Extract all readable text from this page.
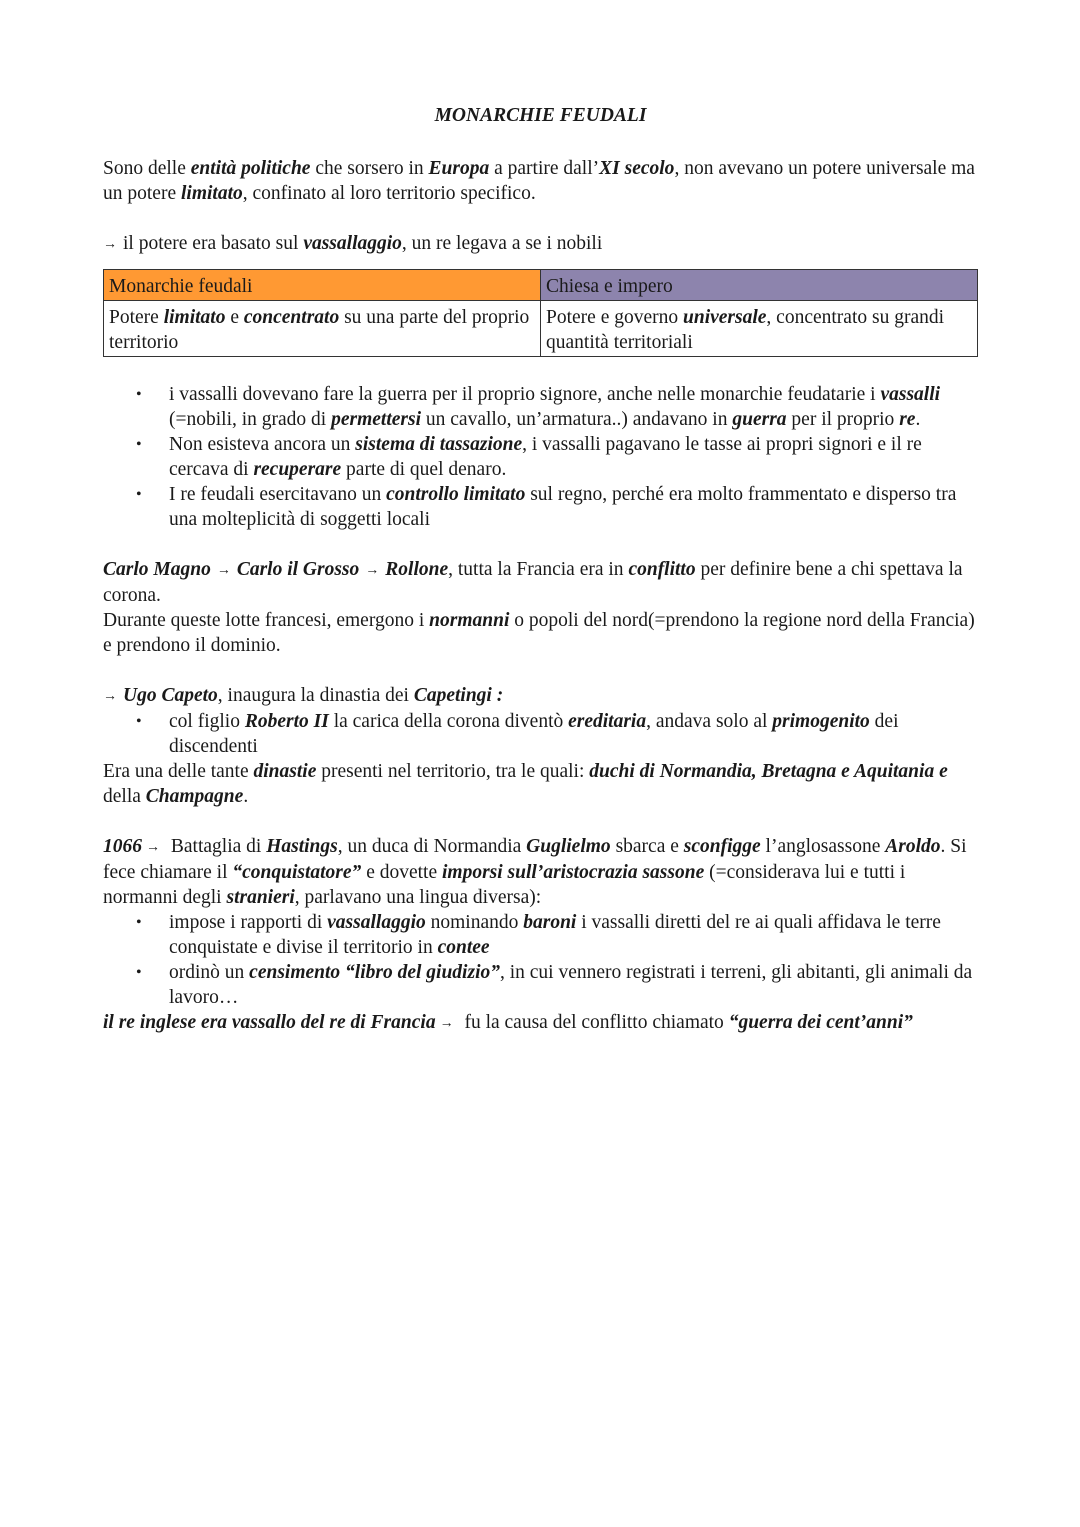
MONARCHIE FEUDALI

Sono delle entità politiche che sorsero in Europa a partire dall’XI secolo, non avevano un potere universale ma un potere limitato, confinato al loro territorio specifico.

→ il potere era basato sul vassallaggio, un re legava a se i nobili

Monarchie feudali	Chiesa e impero
Potere limitato e concentrato su una parte del proprio territorio	Potere e governo universale, concentrato su grandi quantità territoriali
• i vassalli dovevano fare la guerra per il proprio signore, anche nelle monarchie feudatarie i vassalli (=nobili, in grado di permettersi un cavallo, un’armatura..) andavano in guerra per il proprio re.
• Non esisteva ancora un sistema di tassazione, i vassalli pagavano le tasse ai propri signori e il re cercava di recuperare parte di quel denaro.
• I re feudali esercitavano un controllo limitato sul regno, perché era molto frammentato e disperso tra una molteplicità di soggetti locali

Carlo Magno → Carlo il Grosso → Rollone, tutta la Francia era in conflitto per definire bene a chi spettava la corona.

Durante queste lotte francesi, emergono i normanni o popoli del nord(=prendono la regione nord della Francia) e prendono il dominio.

→ Ugo Capeto, inaugura la dinastia dei Capetingi :

• col figlio Roberto II la carica della corona diventò ereditaria, andava solo al primogenito dei discendenti

Era una delle tante dinastie presenti nel territorio, tra le quali: duchi di Normandia, Bretagna e Aquitania e della Champagne.

1066 → Battaglia di Hastings, un duca di Normandia Guglielmo sbarca e sconfigge l’anglosassone Aroldo. Si fece chiamare il “conquistatore” e dovette imporsi sull’aristocrazia sassone (=considerava lui e tutti i normanni degli stranieri, parlavano una lingua diversa):

• impose i rapporti di vassallaggio nominando baroni i vassalli diretti del re ai quali affidava le terre conquistate e divise il territorio in contee
• ordinò un censimento “libro del giudizio”, in cui vennero registrati i terreni, gli abitanti, gli animali da lavoro…

il re inglese era vassallo del re di Francia → fu la causa del conflitto chiamato “guerra dei cent’anni”
